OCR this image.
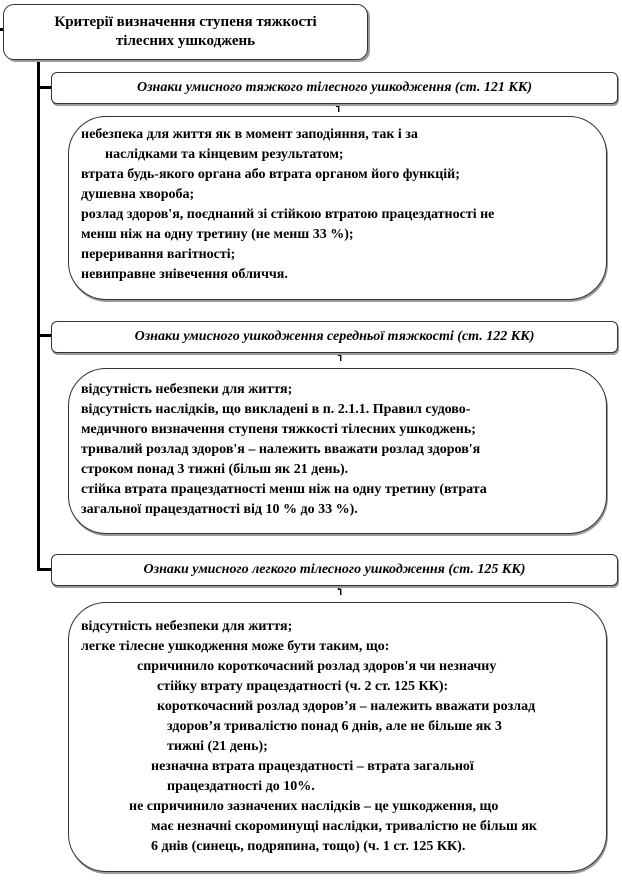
Критерії визначення ступеня тяжкості тілесних ушкоджень
Ознаки умисного тяжкого тілесного ушкодження (ст. 121 КК)

небезпека для життя як в момент заподіяння, так і за

наслідками та кінцевим результатом;

втрата будь-якого органа або втрата органом його функцій;

душевна хвороба;

розлад здоров'я, поєднаний зі стійкою втратою працездатності не

менш ніж на одну третину (не менш 33 %);

переривання вагітності;

невиправне знівечення обличчя.

Ознаки умисного ушкодження середньої тяжкості (ст. 122 КК)

відсутність небезпеки для життя;

відсутність наслідків, що викладені в п. 2.1.1. Правил судово-

медичного визначення ступеня тяжкості тілесних ушкоджень;

тривалий розлад здоров'я – належить вважати розлад здоров'я

строком понад 3 тижні (більш як 21 день).

стійка втрата працездатності менш ніж на одну третину (втрата

загальної працездатності від 10 % до 33 %).

Ознаки умисного легкого тілесного ушкодження (ст. 125 КК)

відсутність небезпеки для життя;

легке тілесне ушкодження може бути таким, що:

спричинило короткочасний розлад здоров'я чи незначну

стійку втрату працездатності (ч. 2 ст. 125 КК):

короткочасний розлад здоров’я – належить вважати розлад

здоров’я тривалістю понад 6 днів, але не більше як 3

тижні (21 день);

незначна втрата працездатності – втрата загальної

працездатності до 10%.

не спричинило зазначених наслідків – це ушкодження, що

має незначні скороминущі наслідки, тривалістю не більш як

6 днів (синець, подряпина, тощо) (ч. 1 ст. 125 КК).
